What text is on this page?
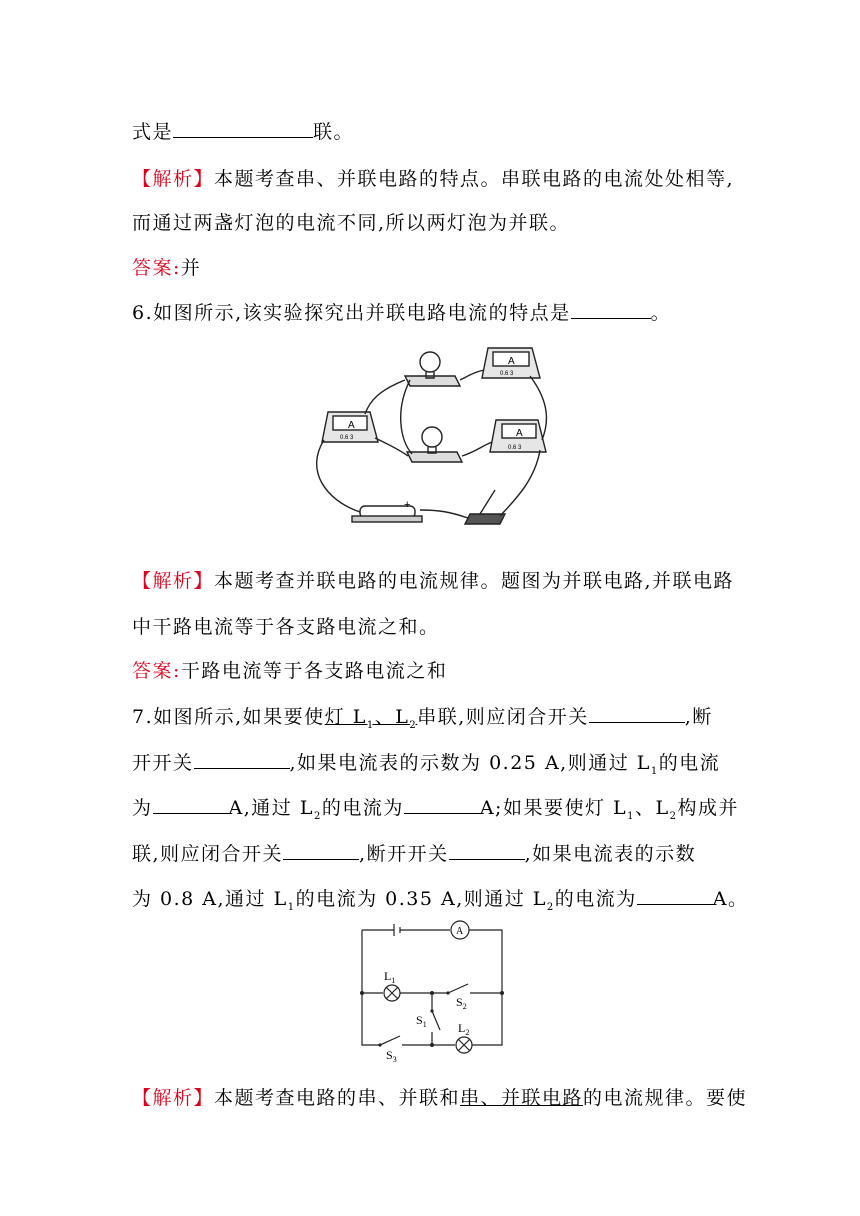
式是	联。
【解析】本题考查串、并联电路的特点。串联电路的电流处处相等,
而通过两盏灯泡的电流不同,所以两灯泡为并联。
答案:并
6.如图所示,该实验探究出并联电路电流的特点是	。
A
A
A
0.6 3
0.6 3
0.6 3
+
【解析】本题考查并联电路的电流规律。题图为并联电路,并联电路
中干路电流等于各支路电流之和。
答案:干路电流等于各支路电流之和
7.如图所示,如果要使灯 $L_1$、$L_2$串联,则应闭合开关	,断
开开关	,如果电流表的示数为 0.25 A,则通过 $L_1$的电流
为	A,通过 $L_2$的电流为	A;如果要使灯 $L_1$、$L_2$构成并
联,则应闭合开关	,断开开关	,如果电流表的示数
为 0.8 A,通过 $L_1$的电流为 0.35 A,则通过 $L_2$的电流为	A。
A
$L_1$
$S_2$
$S_1$	$L_2$
$S_3$
【解析】本题考查电路的串、并联和串、并联电路的电流规律。要使
